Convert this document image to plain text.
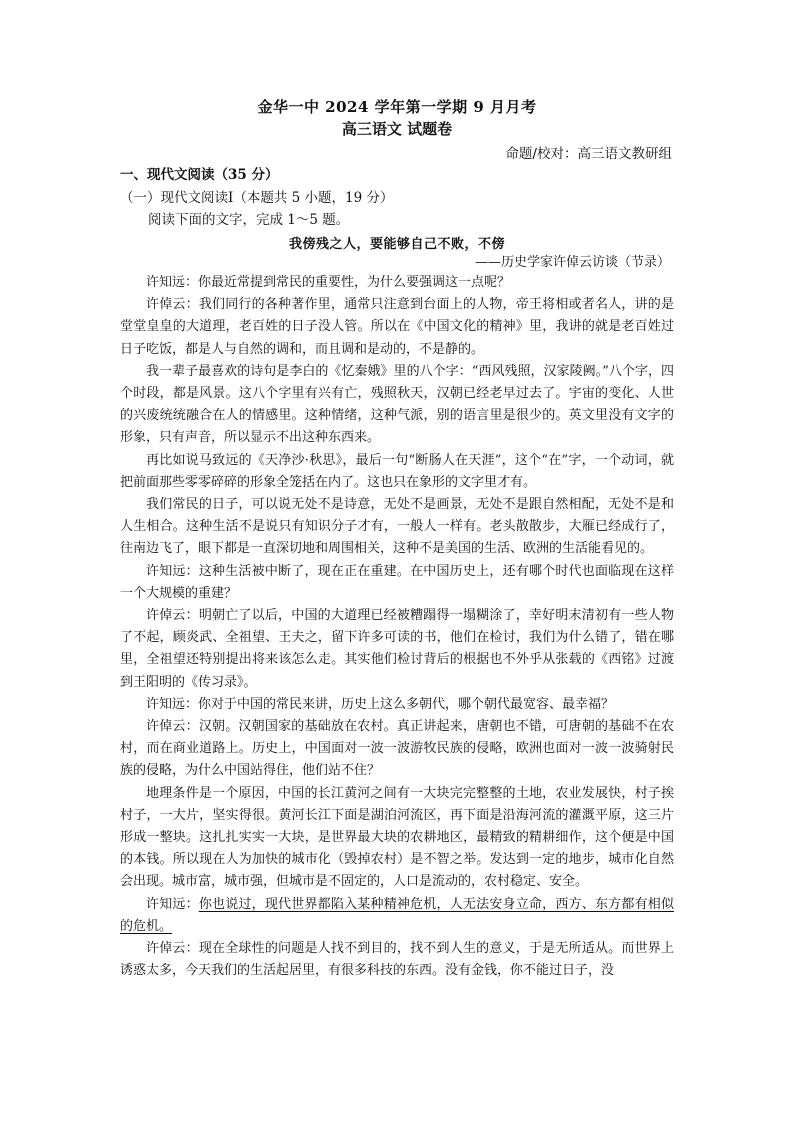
金华一中 2024 学年第一学期 9 月月考
高三语文 试题卷
命题/校对：高三语文教研组
一、现代文阅读（35 分）
（一）现代文阅读Ⅰ（本题共 5 小题，19 分）
阅读下面的文字，完成 1～5 题。
我傍残之人，要能够自己不败，不傍
——历史学家许倬云访谈（节录）

许知远：你最近常提到常民的重要性，为什么要强调这一点呢？

许倬云：我们同行的各种著作里，通常只注意到台面上的人物，帝王将相或者名人，讲的是堂堂皇皇的大道理，老百姓的日子没人管。所以在《中国文化的精神》里，我讲的就是老百姓过日子吃饭，都是人与自然的调和，而且调和是动的，不是静的。

我一辈子最喜欢的诗句是李白的《忆秦娥》里的八个字：“西风残照，汉家陵阙。”八个字，四个时段，都是风景。这八个字里有兴有亡，残照秋天，汉朝已经老早过去了。宇宙的变化、人世的兴废统统融合在人的情感里。这种情绪，这种气派，别的语言里是很少的。英文里没有文字的形象，只有声音，所以显示不出这种东西来。

再比如说马致远的《天净沙·秋思》，最后一句“断肠人在天涯”，这个“在”字，一个动词，就把前面那些零零碎碎的形象全笼括在内了。这也只在象形的文字里才有。

我们常民的日子，可以说无处不是诗意，无处不是画景，无处不是跟自然相配，无处不是和人生相合。这种生活不是说只有知识分子才有，一般人一样有。老头散散步，大雁已经成行了，往南边飞了，眼下都是一直深切地和周围相关，这种不是美国的生活、欧洲的生活能看见的。

许知远：这种生活被中断了，现在正在重建。在中国历史上，还有哪个时代也面临现在这样一个大规模的重建？

许倬云：明朝亡了以后，中国的大道理已经被糟蹋得一塌糊涂了，幸好明末清初有一些人物了不起，顾炎武、全祖望、王夫之，留下许多可读的书，他们在检讨，我们为什么错了，错在哪里，全祖望还特别提出将来该怎么走。其实他们检讨背后的根据也不外乎从张载的《西铭》过渡到王阳明的《传习录》。

许知远：你对于中国的常民来讲，历史上这么多朝代，哪个朝代最宽容、最幸福？

许倬云：汉朝。汉朝国家的基础放在农村。真正讲起来，唐朝也不错，可唐朝的基础不在农村，而在商业道路上。历史上，中国面对一波一波游牧民族的侵略，欧洲也面对一波一波骑射民族的侵略，为什么中国站得住，他们站不住？

地理条件是一个原因，中国的长江黄河之间有一大块完完整整的土地，农业发展快，村子挨村子，一大片，坚实得很。黄河长江下面是湖泊河流区，再下面是沿海河流的灌溉平原，这三片形成一整块。这扎扎实实一大块，是世界最大块的农耕地区，最精致的精耕细作，这个便是中国的本钱。所以现在人为加快的城市化（毁掉农村）是不智之举。发达到一定的地步，城市化自然会出现。城市富，城市强，但城市是不固定的，人口是流动的，农村稳定、安全。

许知远：你也说过，现代世界都陷入某种精神危机，人无法安身立命，西方、东方都有相似的危机。

许倬云：现在全球性的问题是人找不到目的，找不到人生的意义，于是无所适从。而世界上诱惑太多，今天我们的生活起居里，有很多科技的东西。没有金钱，你不能过日子，没
